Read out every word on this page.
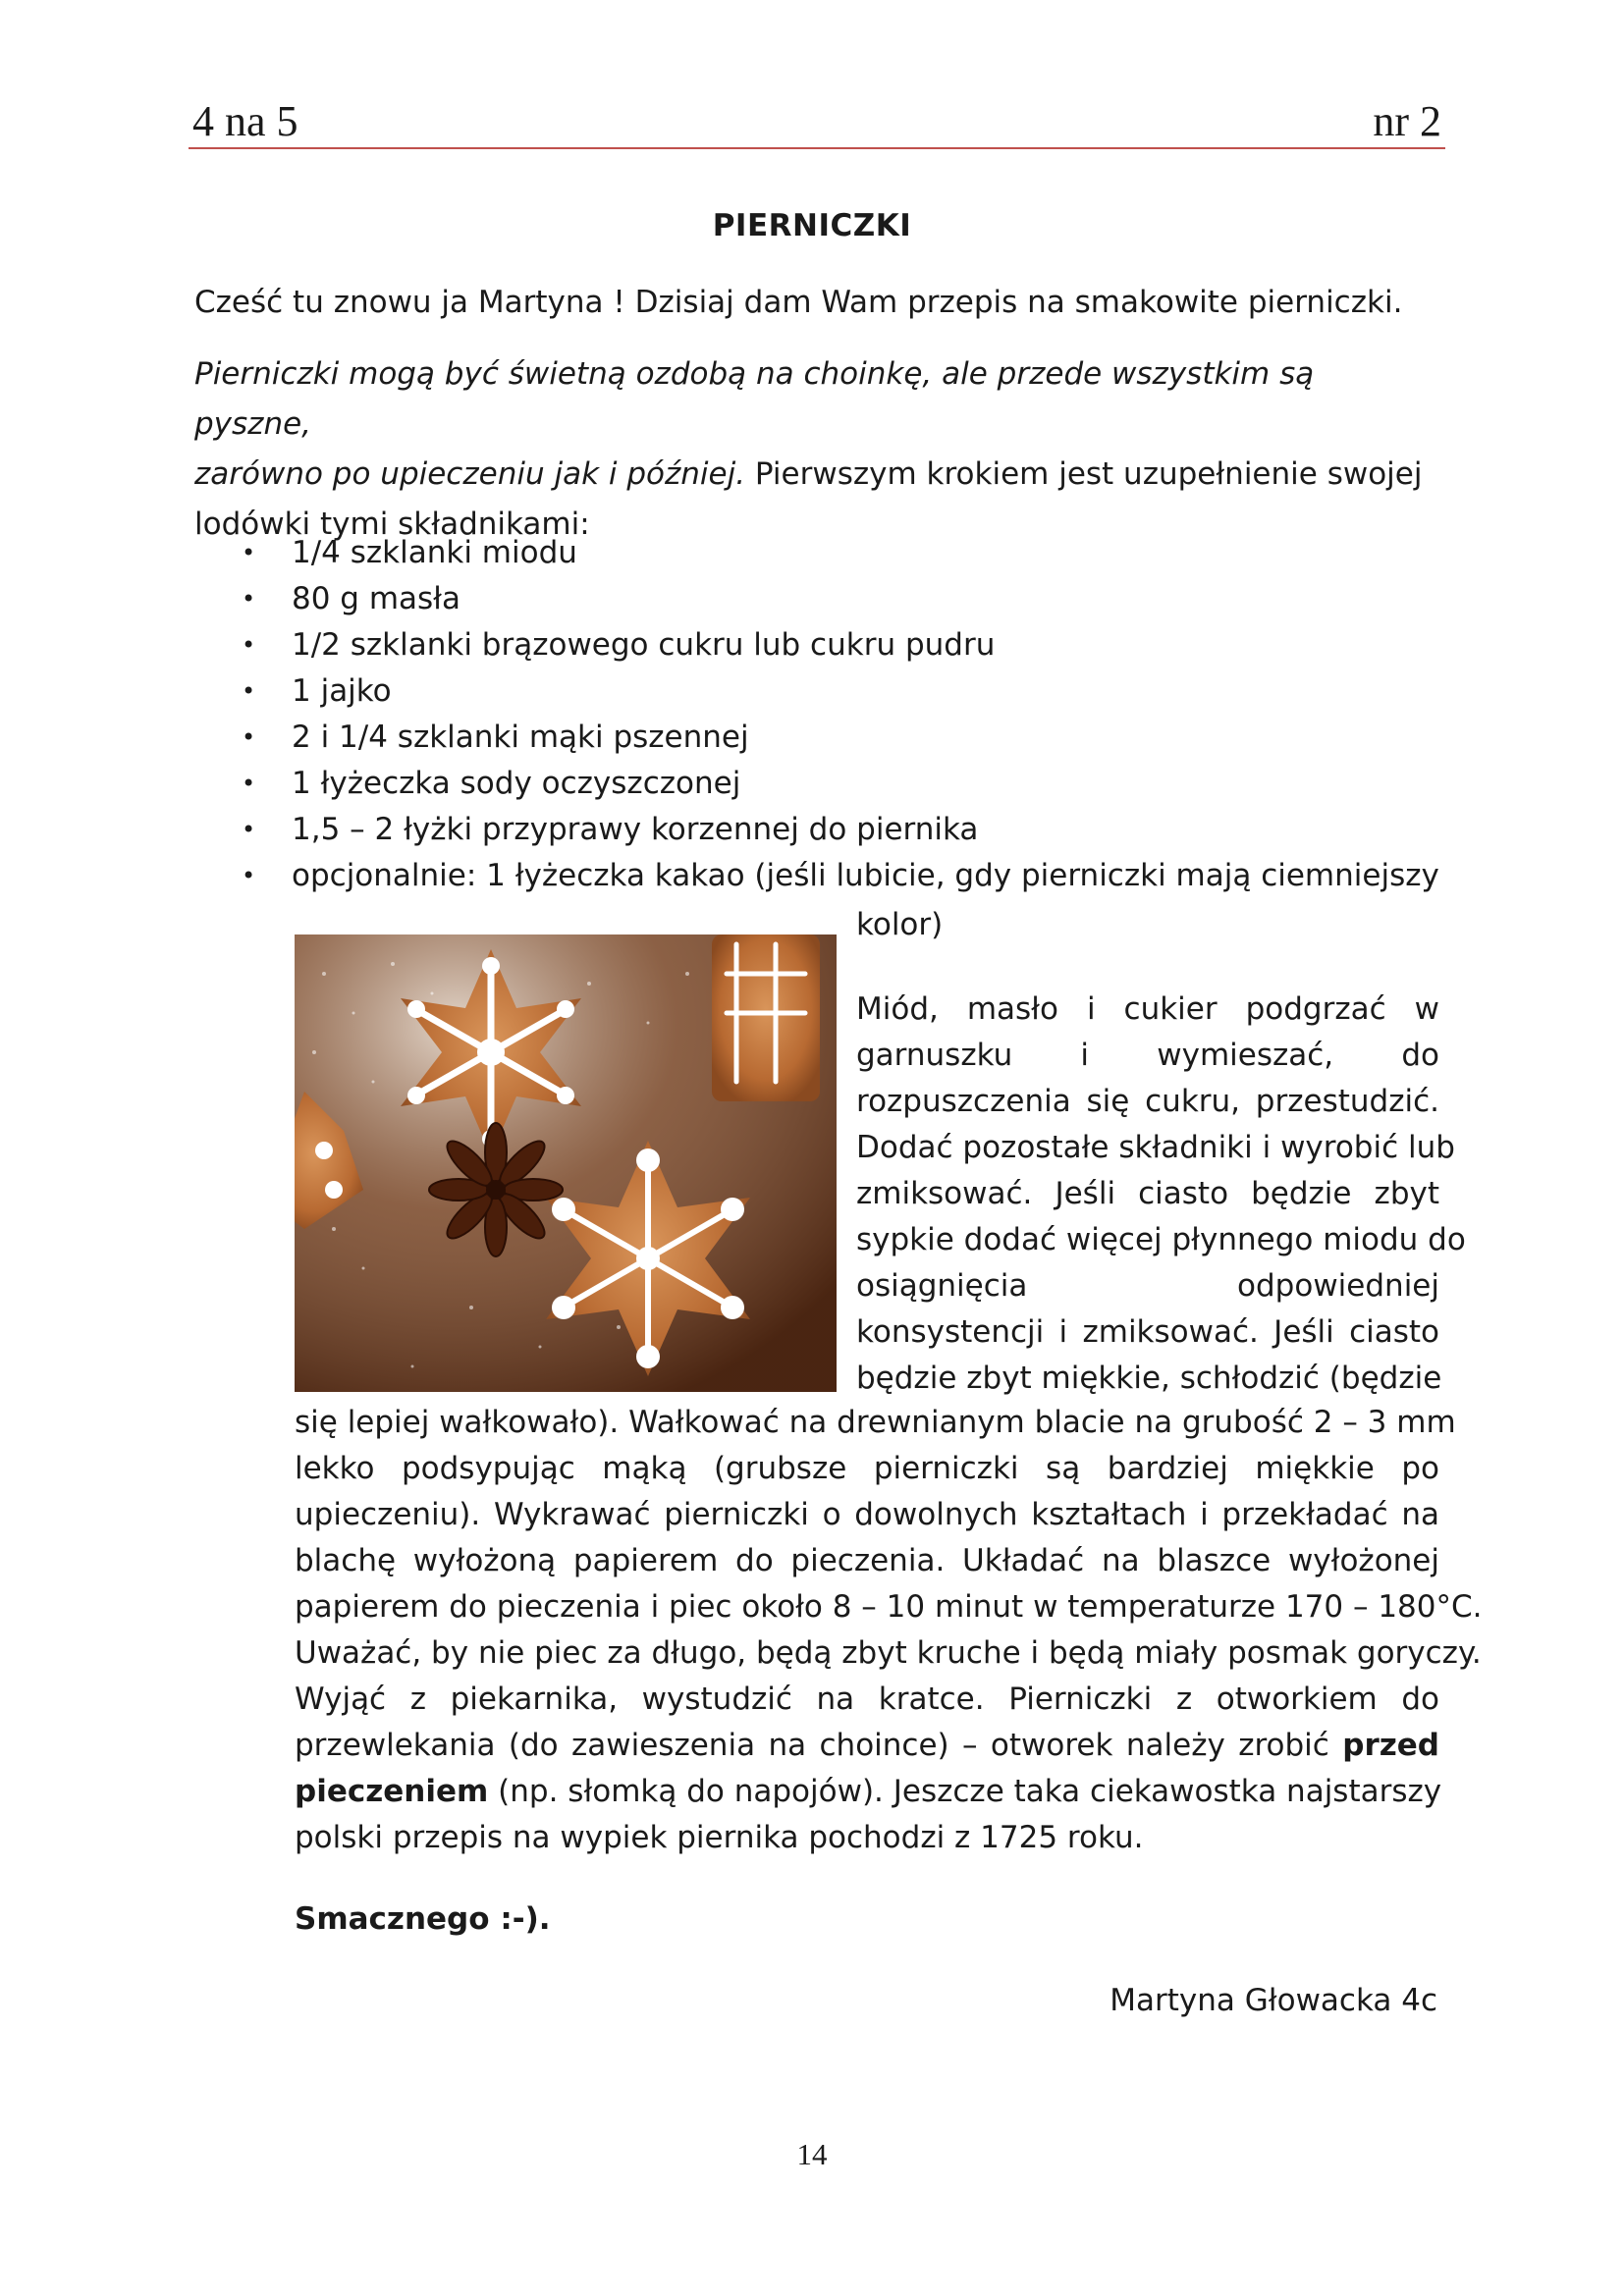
4 na 5	nr 2
PIERNICZKI
Cześć tu znowu ja Martyna ! Dzisiaj dam Wam przepis na smakowite pierniczki.
Pierniczki mogą być świetną ozdobą na choinkę, ale przede wszystkim są pyszne,
zarówno po upieczeniu jak i później. Pierwszym krokiem jest uzupełnienie swojej
lodówki tymi składnikami:
• 1/4 szklanki miodu
• 80 g masła
• 1/2 szklanki brązowego cukru lub cukru pudru
• 1 jajko
• 2 i 1/4 szklanki mąki pszennej
• 1 łyżeczka sody oczyszczonej
• 1,5 – 2 łyżki przyprawy korzennej do piernika
• opcjonalnie: 1 łyżeczka kakao (jeśli lubicie, gdy pierniczki mają ciemniejszy
kolor)
Miód, masło i cukier podgrzać w
garnuszku i wymieszać, do
rozpuszczenia się cukru, przestudzić.
Dodać pozostałe składniki i wyrobić lub
zmiksować. Jeśli ciasto będzie zbyt
sypkie dodać więcej płynnego miodu do
osiągnięcia odpowiedniej
konsystencji i zmiksować. Jeśli ciasto
będzie zbyt miękkie, schłodzić (będzie
się lepiej wałkowało). Wałkować na drewnianym blacie na grubość 2 – 3 mm
lekko podsypując mąką (grubsze pierniczki są bardziej miękkie po
upieczeniu). Wykrawać pierniczki o dowolnych kształtach i przekładać na
blachę wyłożoną papierem do pieczenia. Układać na blaszce wyłożonej
papierem do pieczenia i piec około 8 – 10 minut w temperaturze 170 – 180°C.
Uważać, by nie piec za długo, będą zbyt kruche i będą miały posmak goryczy.
Wyjąć z piekarnika, wystudzić na kratce. Pierniczki z otworkiem do
przewlekania (do zawieszenia na choince) – otworek należy zrobić przed
pieczeniem (np. słomką do napojów). Jeszcze taka ciekawostka najstarszy
polski przepis na wypiek piernika pochodzi z 1725 roku.
Smacznego :-).
Martyna Głowacka 4c
14
